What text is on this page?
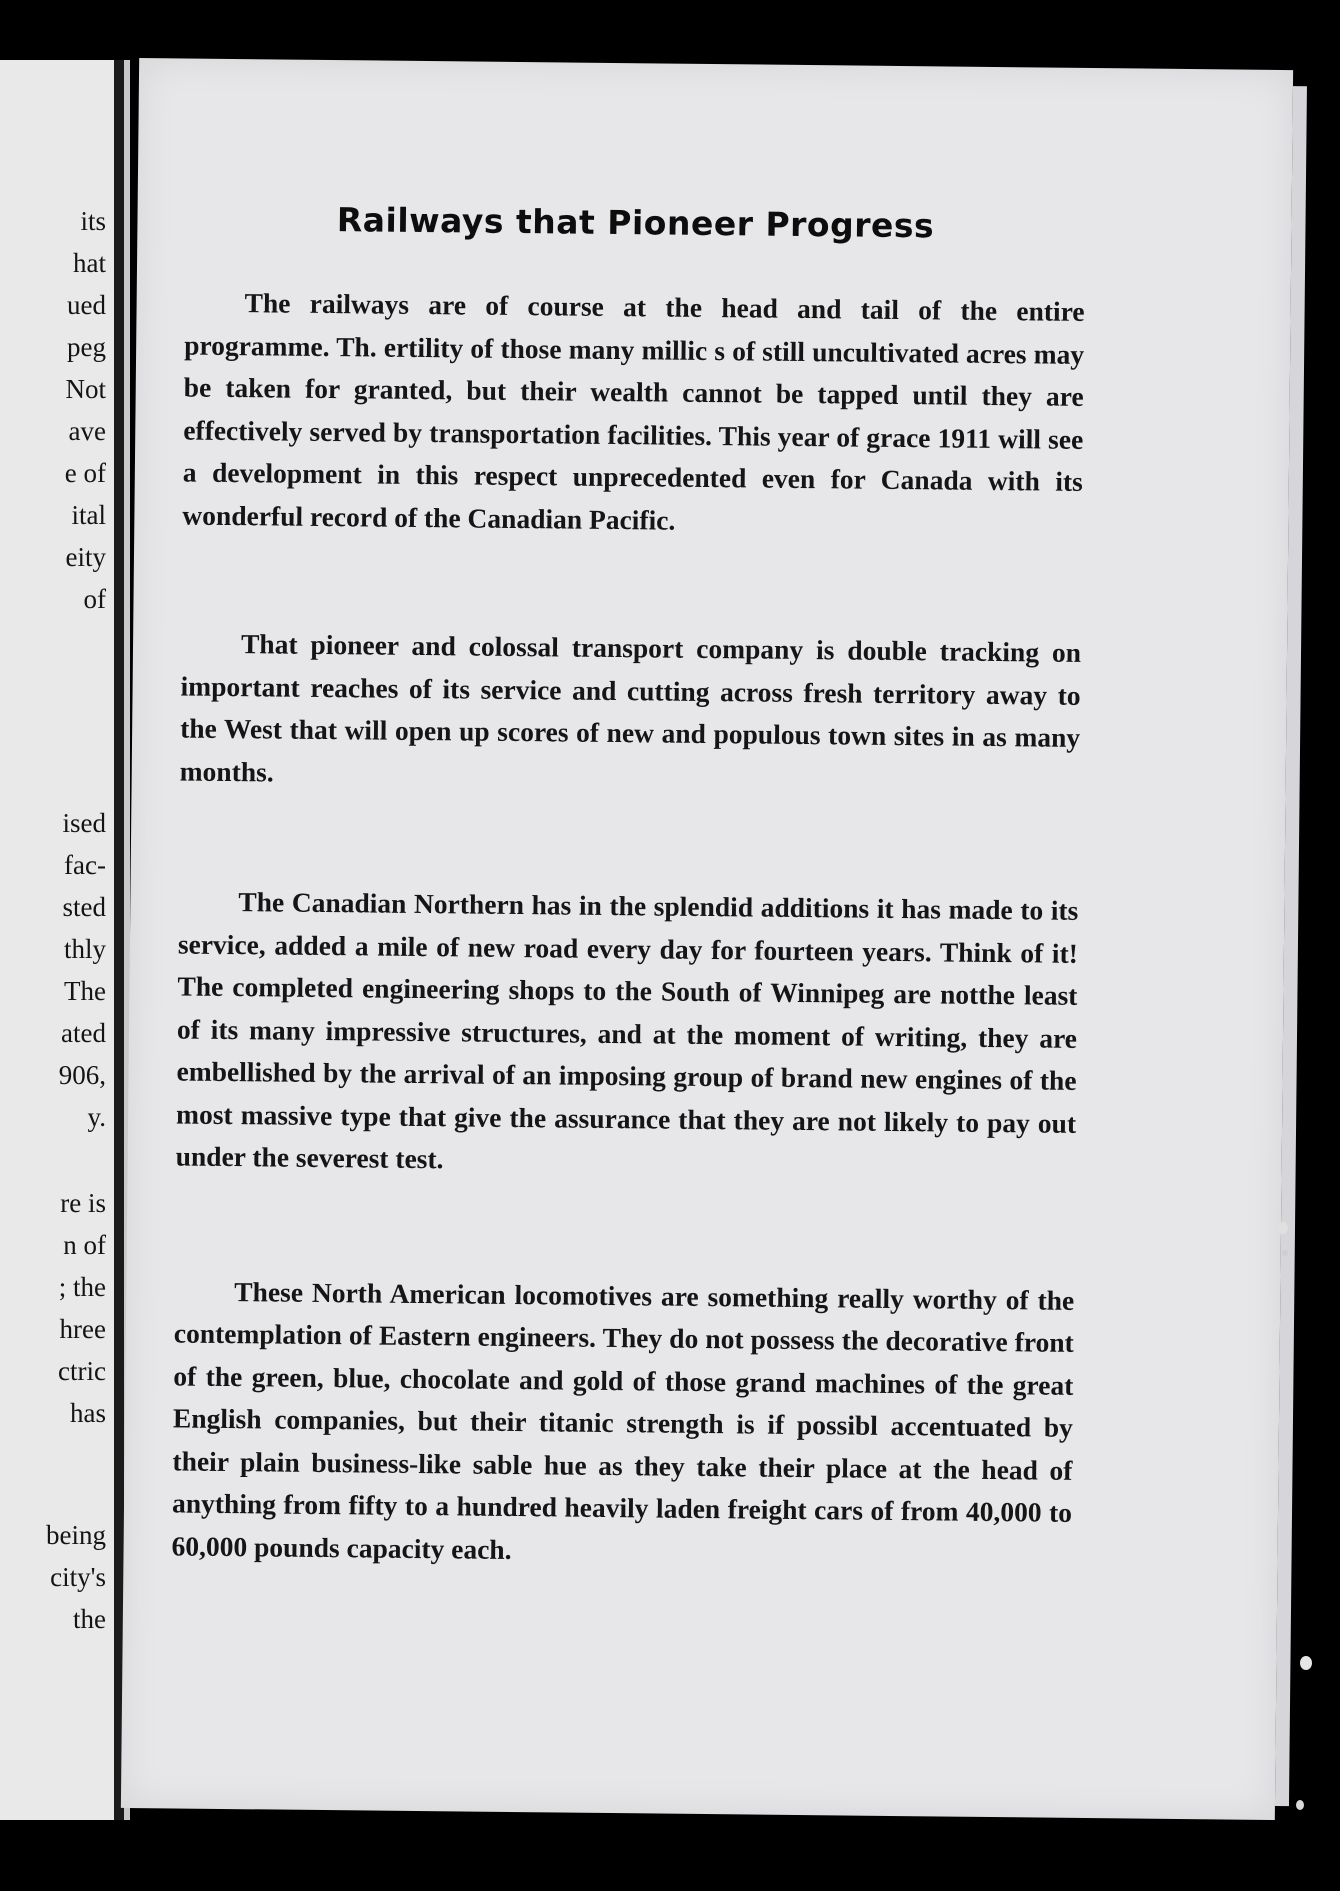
its
hat
ued
peg
Not
ave
e of
ital
eity
of
ised
fac-
sted
thly
The
ated
906,
y.
re is
n of
; the
hree
ctric
has
being
city's
the
Railways that Pioneer Progress

The railways are of course at the head and tail of the entire programme. Th. ertility of those many millic s of still uncultivated acres may be taken for granted, but their wealth cannot be tapped until they are effectively served by transportation facilities. This year of grace 1911 will see a development in this respect unprecedented even for Canada with its wonderful record of the Canadian Pacific.

That pioneer and colossal transport company is double tracking on important reaches of its service and cutting across fresh territory away to the West that will open up scores of new and populous town sites in as many months.

The Canadian Northern has in the splendid additions it has made to its service, added a mile of new road every day for fourteen years. Think of it! The completed engineering shops to the South of Winnipeg are notthe least of its many impressive structures, and at the moment of writing, they are embellished by the arrival of an imposing group of brand new engines of the most massive type that give the assurance that they are not likely to pay out under the severest test.

These North American locomotives are something really worthy of the contemplation of Eastern engineers. They do not possess the decorative front of the green, blue, chocolate and gold of those grand machines of the great English companies, but their titanic strength is if possibl accentuated by their plain business-like sable hue as they take their place at the head of anything from fifty to a hundred heavily laden freight cars of from 40,000 to 60,000 pounds capacity each.
